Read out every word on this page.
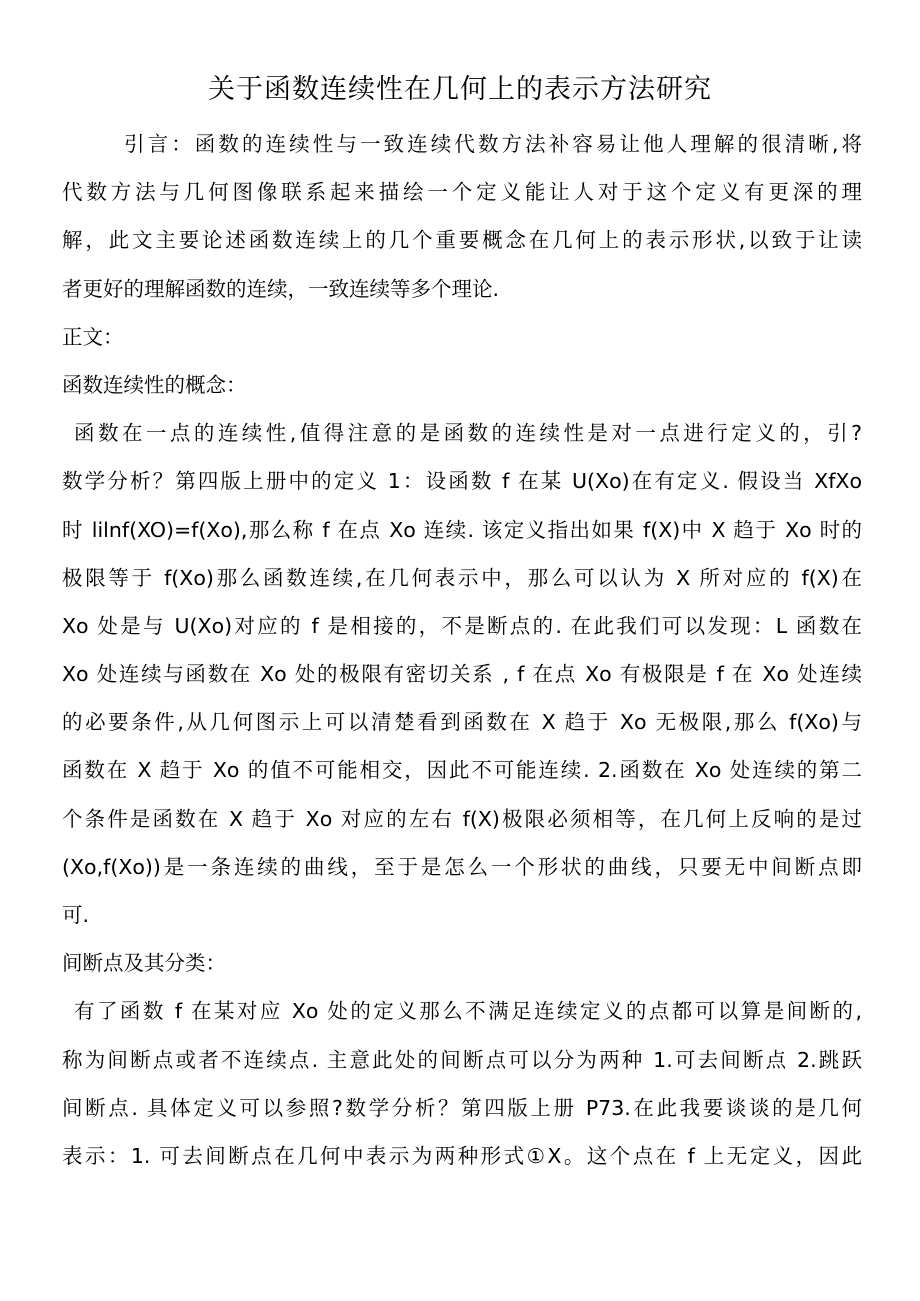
关于函数连续性在几何上的表示方法研究
引言：函数的连续性与一致连续代数方法补容易让他人理解的很清晰,将
代数方法与几何图像联系起来描绘一个定义能让人对于这个定义有更深的理
解，此文主要论述函数连续上的几个重要概念在几何上的表示形状,以致于让读
者更好的理解函数的连续，一致连续等多个理论.
正文：
函数连续性的概念：
函数在一点的连续性,值得注意的是函数的连续性是对一点进行定义的，引?
数学分析？第四版上册中的定义 1：设函数 f 在某 U(Xo)在有定义. 假设当 XfXo
时 lilnf(XO)=f(Xo),那么称 f 在点 Xo 连续. 该定义指出如果 f(X)中 X 趋于 Xo 时的
极限等于 f(Xo)那么函数连续,在几何表示中，那么可以认为 X 所对应的 f(X)在
Xo 处是与 U(Xo)对应的 f 是相接的，不是断点的. 在此我们可以发现：L 函数在
Xo 处连续与函数在 Xo 处的极限有密切关系 , f 在点 Xo 有极限是 f 在 Xo 处连续
的必要条件,从几何图示上可以清楚看到函数在 X 趋于 Xo 无极限,那么 f(Xo)与
函数在 X 趋于 Xo 的值不可能相交，因此不可能连续. 2.函数在 Xo 处连续的第二
个条件是函数在 X 趋于 Xo 对应的左右 f(X)极限必须相等，在几何上反响的是过
(Xo,f(Xo))是一条连续的曲线，至于是怎么一个形状的曲线，只要无中间断点即
可.
间断点及其分类：
有了函数 f 在某对应 Xo 处的定义那么不满足连续定义的点都可以算是间断的,
称为间断点或者不连续点. 主意此处的间断点可以分为两种 1.可去间断点 2.跳跃
间断点. 具体定义可以参照?数学分析？第四版上册 P73.在此我要谈谈的是几何
表示：1. 可去间断点在几何中表示为两种形式①X。这个点在 f 上无定义，因此
